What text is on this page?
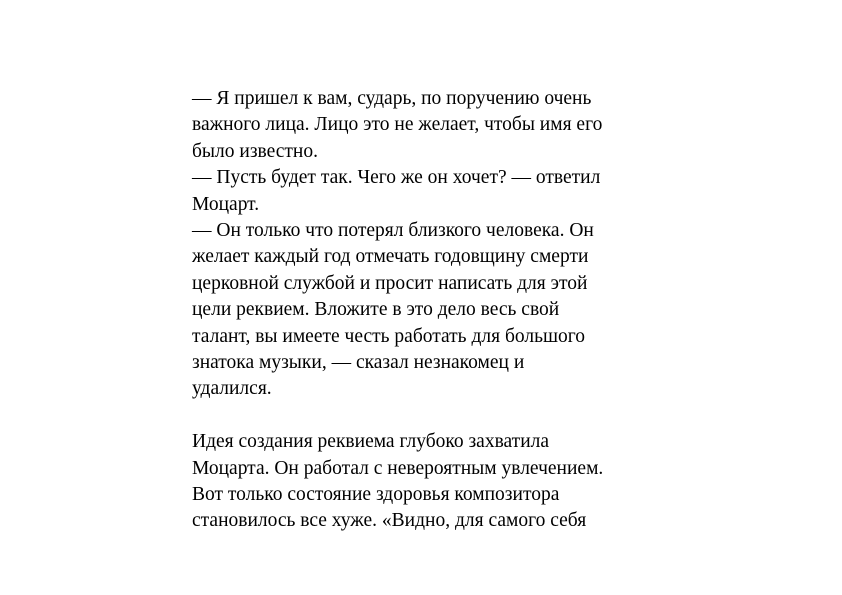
— Я пришел к вам, сударь, по поручению очень
важного лица. Лицо это не желает, чтобы имя его
было известно.
— Пусть будет так. Чего же он хочет? — ответил
Моцарт.
— Он только что потерял близкого человека. Он
желает каждый год отмечать годовщину смерти
церковной службой и просит написать для этой
цели реквием. Вложите в это дело весь свой
талант, вы имеете честь работать для большого
знатока музыки, — сказал незнакомец и
удалился.
Идея создания реквиема глубоко захватила
Моцарта. Он работал с невероятным увлечением.
Вот только состояние здоровья композитора
становилось все хуже. «Видно, для самого себя
